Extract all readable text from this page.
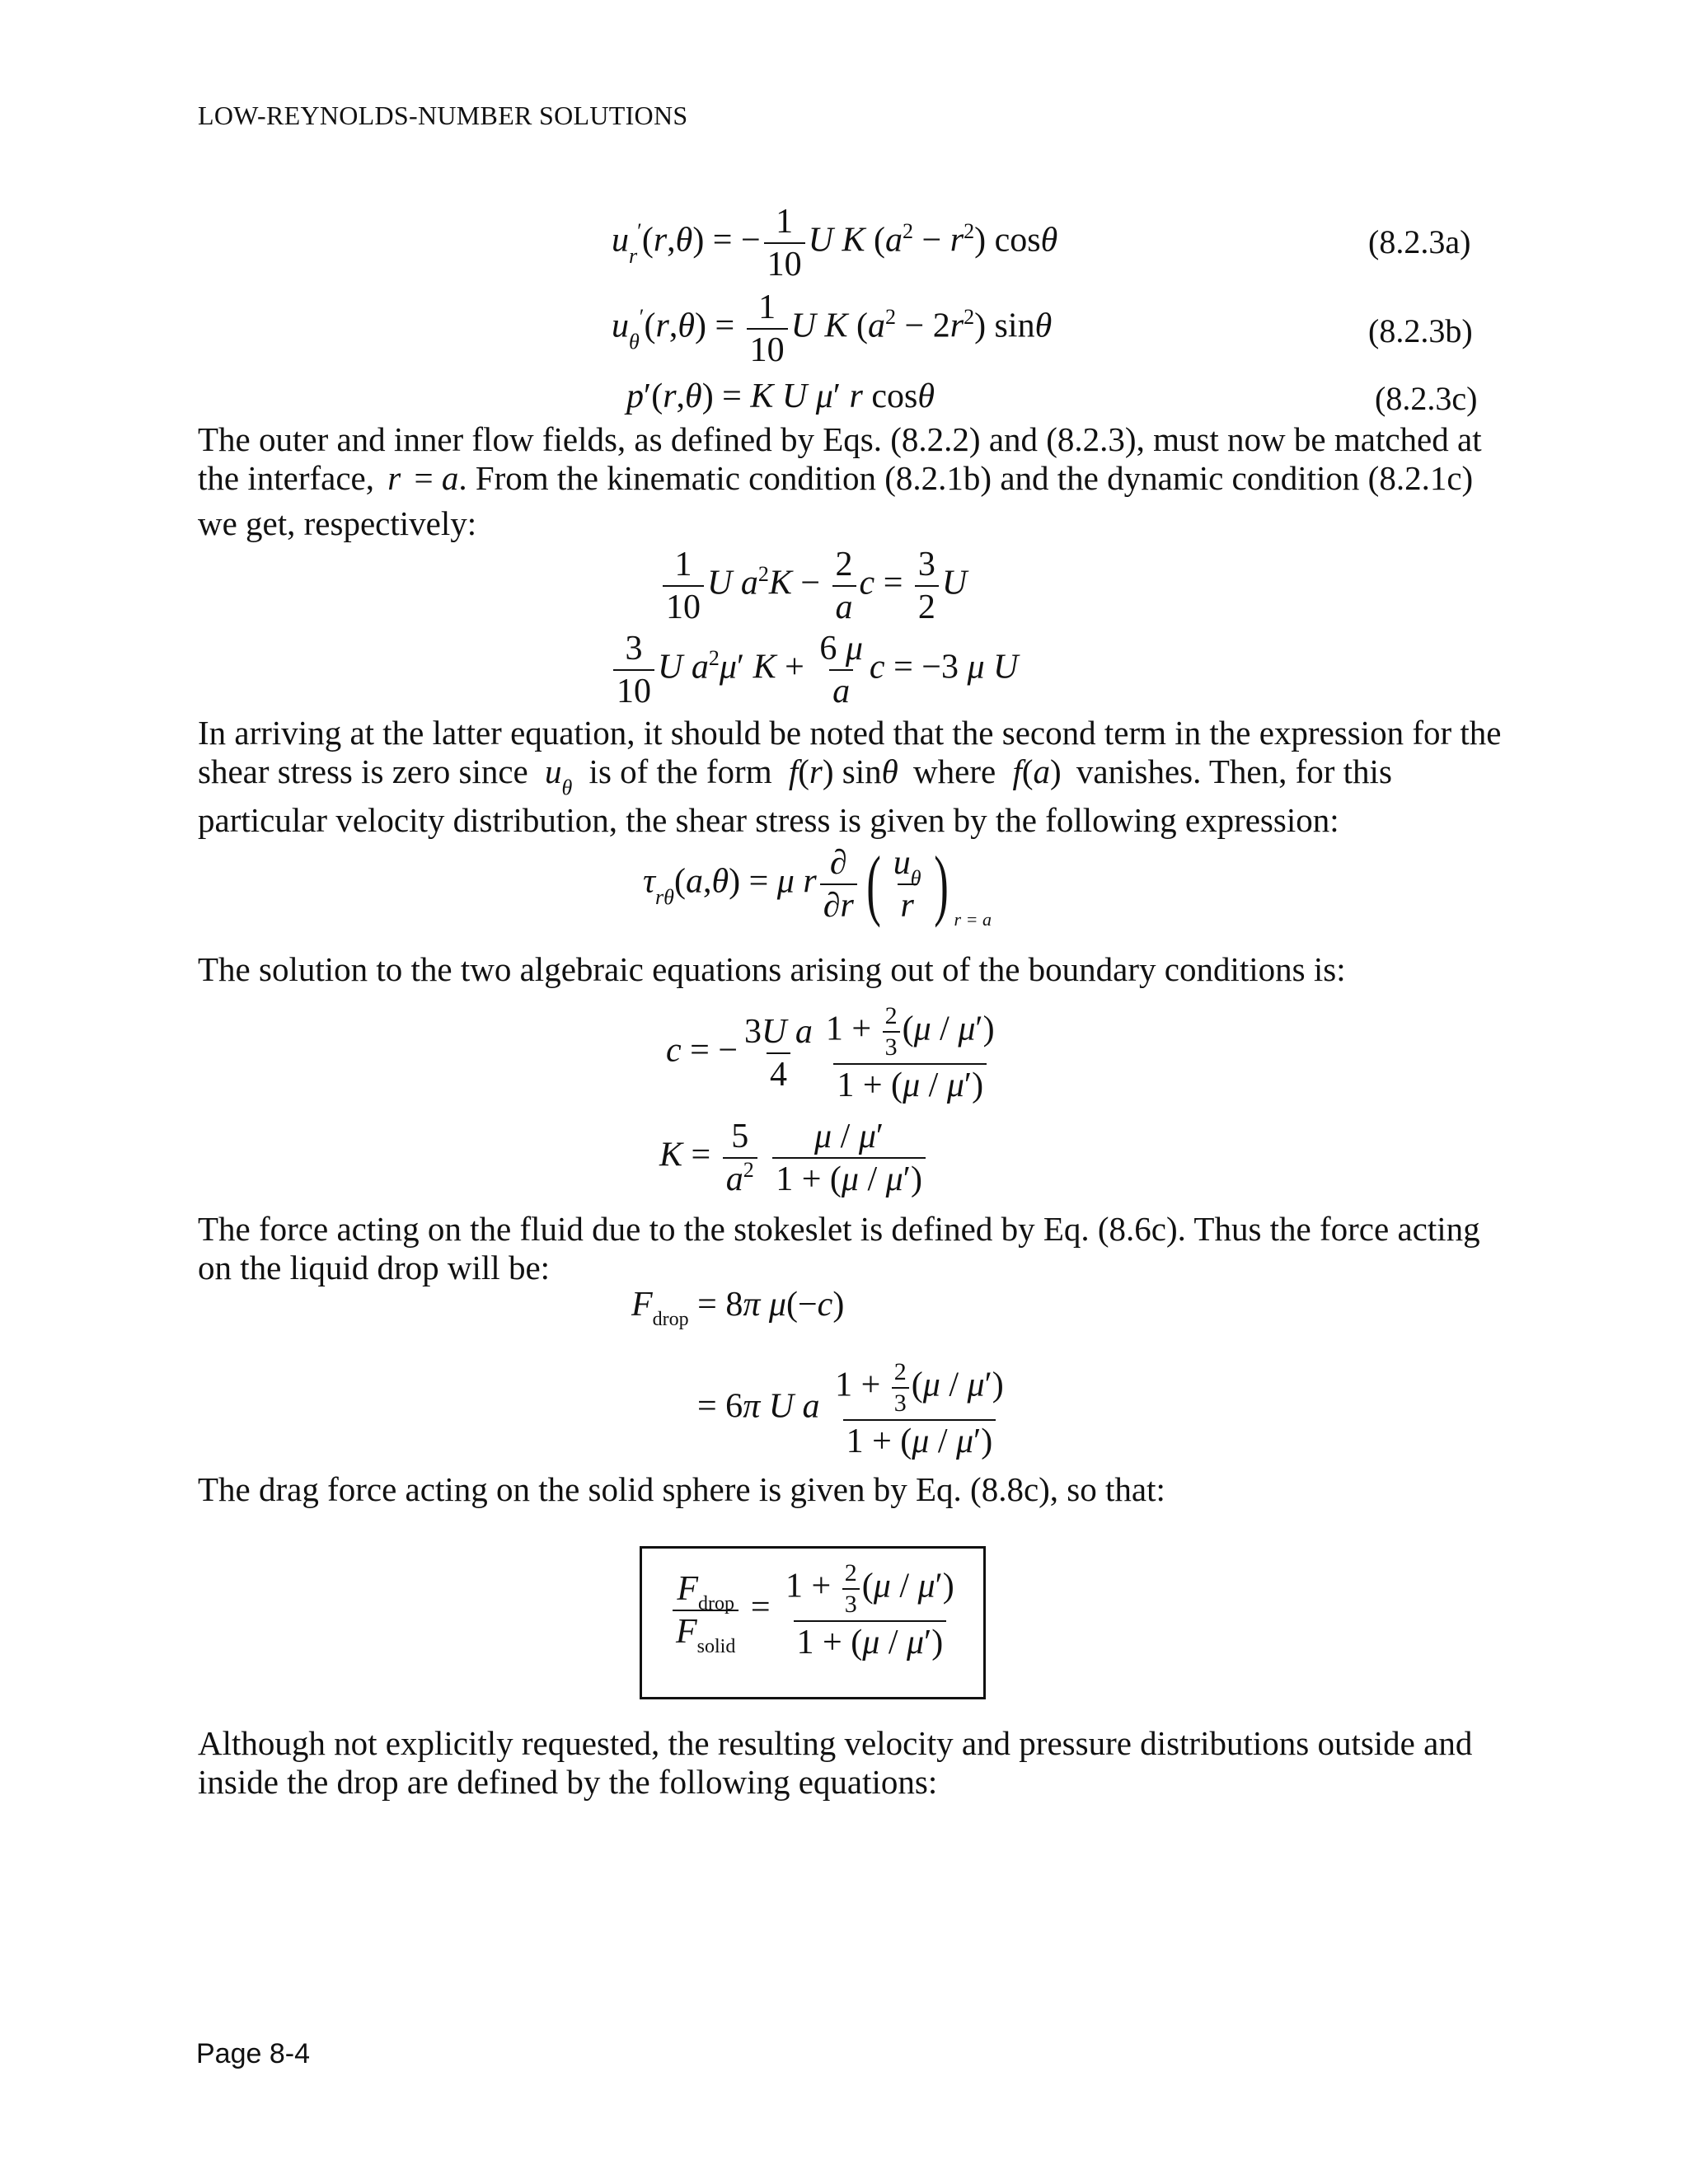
LOW-REYNOLDS-NUMBER SOLUTIONS
$u_r'(r,\theta)$ = − $\frac{1}{10}$ U K $(a^2 - r^2)$ cosθ	(8.2.3a)
$u_\theta'(r,\theta) = \frac{1}{10}$ U K $(a^2 - 2r^2)$ sinθ	(8.2.3b)
p′(r,θ) = K U μ′ r cosθ	(8.2.3c)
The outer and inner flow fields, as defined by Eqs. (8.2.2) and (8.2.3), must now be matched at
the interface, r = a. From the kinematic condition (8.2.1b) and the dynamic condition (8.2.1c)
we get, respectively:
$\frac{1}{10}$ U $a^2K - \frac{2}{a}$ $c = \frac{3}{2}$ U
$\frac{3}{10}$ U $a^2\mu'$ $K + \frac{6 \mu}{a}$ c = −3 μ U
In arriving at the latter equation, it should be noted that the second term in the expression for the
shear stress is zero since $u_\theta$ is of the form f(r) sinθ where f(a) vanishes. Then, for this
particular velocity distribution, the shear stress is given by the following expression:
$\tau_{r\theta}(a,\theta) = \mu$ r $\frac{\partial}{\partial r}$ ( $\frac{u_\theta}{r}$ ) $_{r = a}$
The solution to the two algebraic equations arising out of the boundary conditions is:
c = − $\frac{\text{3U a}}{4} \frac{1 + \frac{2}{3} (\mu / \mu')}{1 + (\mu / \mu')}$
$K = \frac{5}{a^2}$
$\frac{\mu / \mu'}{1 + (\mu / \mu')}$
The force acting on the fluid due to the stokeslet is defined by Eq. (8.6c). Thus the force acting
on the liquid drop will be:
$F_{drop} = 8\pi$ μ(−c)
= 6π U a $\frac{1 + \frac{2}{3} (\mu / \mu')}{1 + (\mu / \mu')}$
The drag force acting on the solid sphere is given by Eq. (8.8c), so that:
$\frac{F_{drop}}{F_{solid}} = \frac{1 + \frac{2}{3} (\mu / \mu')}{1 + (\mu / \mu')}$
Although not explicitly requested, the resulting velocity and pressure distributions outside and
inside the drop are defined by the following equations:
Page 8-4
